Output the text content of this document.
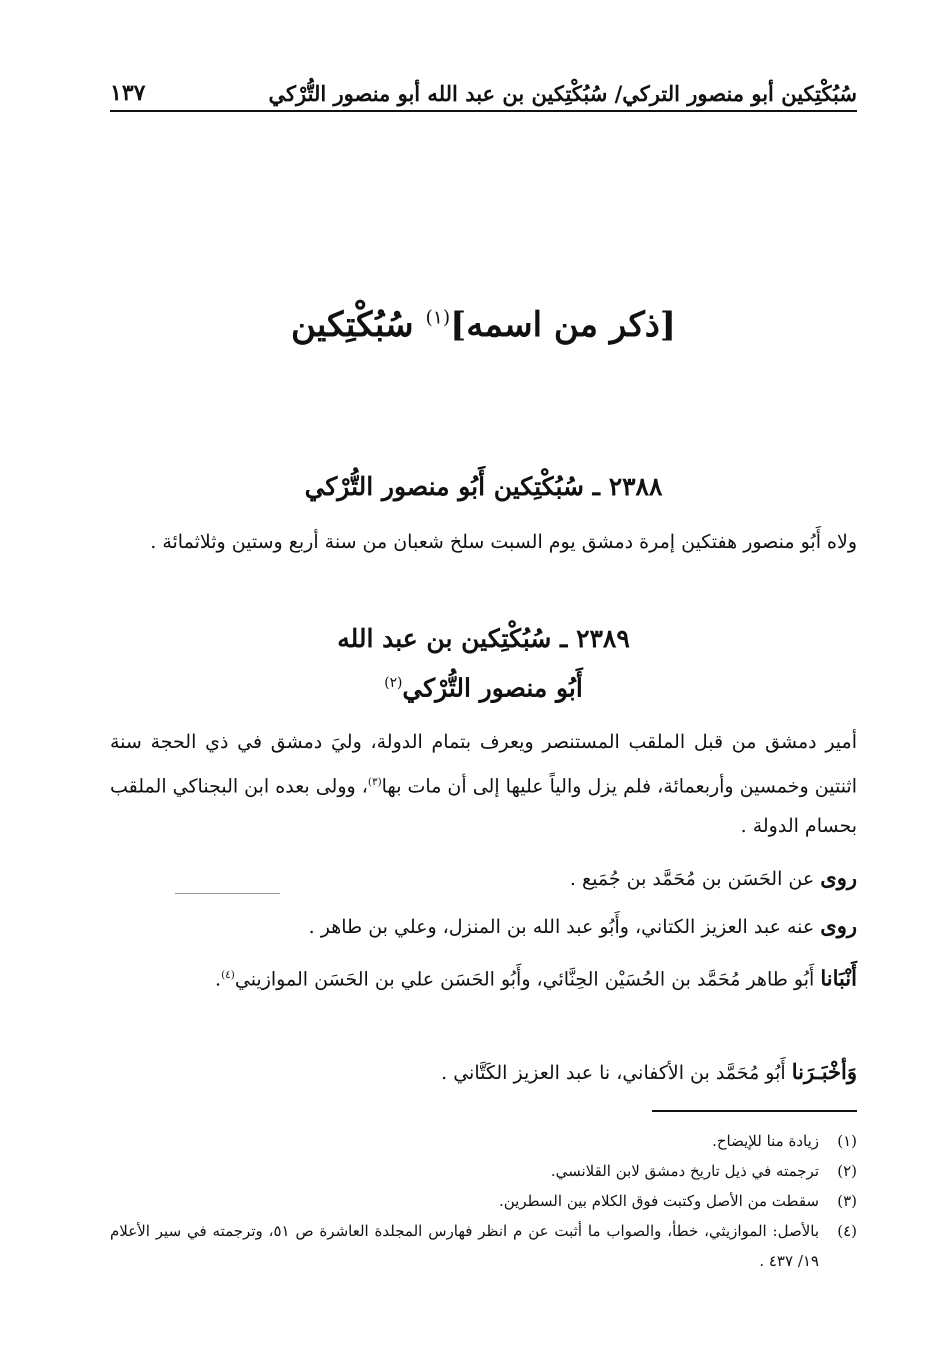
سُبُكْتِكين أبو منصور التركي/ سُبُكْتِكين بن عبد الله أبو منصور التُّرْكي
١٣٧
[ذكر من اسمه]$^{(١)}$ سُبُكْتِكين
٢٣٨٨ ـ سُبُكْتِكين أَبُو منصور التُّرْكي
ولاه أَبُو منصور هفتكين إمرة دمشق يوم السبت سلخ شعبان من سنة أربع وستين وثلاثمائة .
٢٣٨٩ ـ سُبُكْتِكين بن عبد الله
أَبُو منصور التُّرْكي$^{(٢)}$
أمير دمشق من قبل الملقب المستنصر ويعرف بتمام الدولة، وليَ دمشق في ذي الحجة سنة اثنتين وخمسين وأربعمائة، فلم يزل والياً عليها إلى أن مات بها$^{(٣)}$، وولى بعده ابن البجناكي الملقب بحسام الدولة .
روى عن الحَسَن بن مُحَمَّد بن جُمَيع .
روى عنه عبد العزيز الكتاني، وأَبُو عبد الله بن المنزل، وعلي بن طاهر .
أَنْبَانا أَبُو طاهر مُحَمَّد بن الحُسَيْن الحِنَّائي، وأَبُو الحَسَن علي بن الحَسَن الموازيني$^{(٤)}$.
وَأخْبَـرَنا أَبُو مُحَمَّد بن الأكفاني، نا عبد العزيز الكَتَّاني .
(١)
زيادة منا للإيضاح.
(٢)
ترجمته في ذيل تاريخ دمشق لابن القلانسي.
(٣)
سقطت من الأصل وكتبت فوق الكلام بين السطرين.
(٤)
بالأصل: الموازيثي، خطأ، والصواب ما أثبت عن م انظر فهارس المجلدة العاشرة ص ٥١، وترجمته في سير الأعلام ١٩/ ٤٣٧ .
